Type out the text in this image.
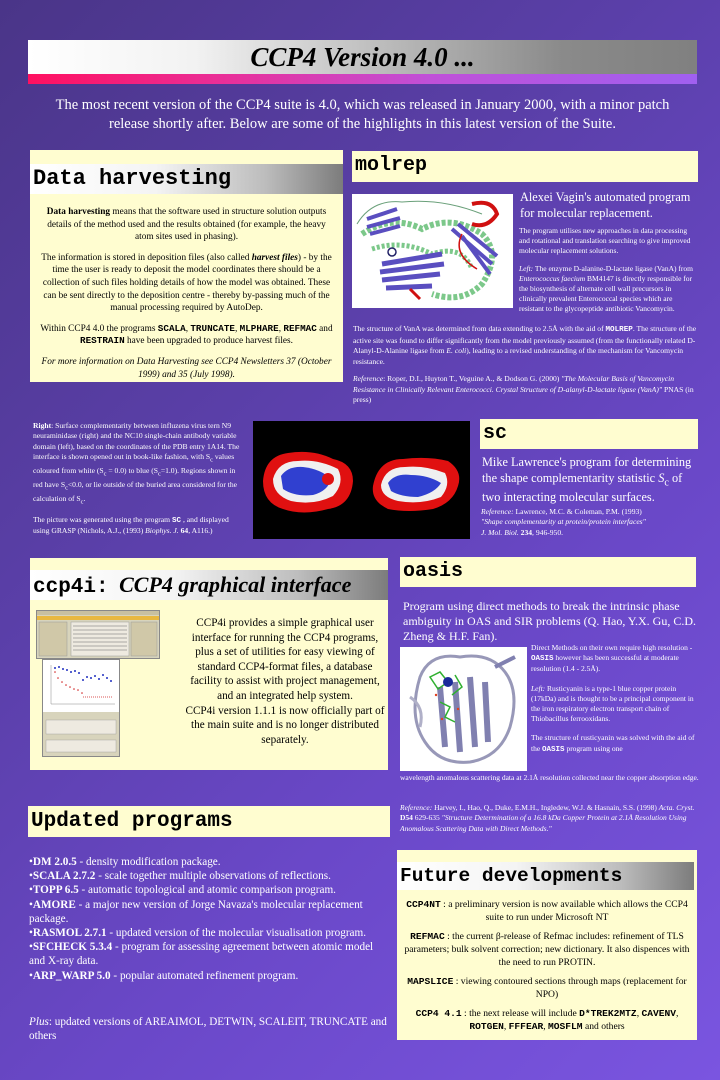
CCP4 Version 4.0 ...
The most recent version of the CCP4 suite is 4.0, which was released in January 2000, with a minor patch release shortly after. Below are some of the highlights in this latest version of the Suite.
Data harvesting

Data harvesting means that the software used in structure solution outputs details of the method used and the results obtained (for example, the heavy atom sites used in phasing).

The information is stored in deposition files (also called harvest files) - by the time the user is ready to deposit the model coordinates there should be a collection of such files holding details of how the model was obtained. These can be sent directly to the deposition centre - thereby by-passing much of the manual processing required by AutoDep.

Within CCP4 4.0 the programs SCALA, TRUNCATE, MLPHARE, REFMAC and RESTRAIN have been upgraded to produce harvest files.

For more information on Data Harvesting see CCP4 Newsletters 37 (October 1999) and 35 (July 1998).

molrep
Alexei Vagin's automated program for molecular replacement.

The program utilises new approaches in data processing and rotational and translation searching to give improved molecular replacement solutions.

Left: The enzyme D-alanine-D-lactate ligase (VanA) from Enterococcus faecium BM4147 is directly responsible for the biosynthesis of alternate cell wall precursors in clinically prevalent Enterococcal species which are resistant to the glycopeptide antibiotic Vancomycin.

The structure of VanA was determined from data extending to 2.5Å with the aid of MOLREP. The structure of the active site was found to differ significantly from the model previously assumed (from the functionally related D-Alanyl-D-Alanine ligase from E. coli), leading to a revised understanding of the mechanism for Vancomycin resistance.

Reference: Roper, D.I., Huyton T., Veguine A., & Dodson G. (2000) "The Molecular Basis of Vancomycin Resistance in Clinically Relevant Enterococci. Crystal Structure of D-alanyl-D-lactate ligase (VanA)" PNAS (in press)

Right: Surface complementarity between influzena virus tern N9 neuraminidase (right) and the NC10 single-chain antibody variable domain (left), based on the coordinates of the PDB entry 1A14. The interface is shown opened out in book-like fashion, with $S_c$ values coloured from white $(S_c = 0.0)$ to blue $(S_c=1.0)$. Regions shown in red have $S_c<0.0$, or lie outside of the buried area considered for the calculation of $S_c$.

The picture was generated using the program SC , and displayed using GRASP (Nichols, A.J., (1993) Biophys. J. 64, A116.)

sc
Mike Lawrence's program for determining the shape complementarity statistic $S_c$ of two interacting molecular surfaces.
Reference: Lawrence, M.C. & Coleman, P.M. (1993)
"Shape complementarity at protein/protein interfaces"
J. Mol. Biol. 234, 946-950.
ccp4i: CCP4 graphical interface
CCP4i provides a simple graphical user interface for running the CCP4 programs, plus a set of utilities for easy viewing of standard CCP4-format files, a database facility to assist with project management, and an integrated help system.
CCP4i version 1.1.1 is now officially part of the main suite and is no longer distributed separately.
oasis
Program using direct methods to break the intrinsic phase ambiguity in OAS and SIR problems (Q. Hao, Y.X. Gu, C.D. Zheng & H.F. Fan).

Direct Methods on their own require high resolution - OASIS however has been successful at moderate resolution (1.4 - 2.5Å).

Left: Rusticyanin is a type-1 blue copper protein (17kDa) and is thought to be a principal component in the iron respiratory electron transport chain of Thiobacillus ferrooxidans.

The structure of rusticyanin was solved with the aid of the OASIS program using one

wavelength anomalous scattering data at 2.1Å resolution collected near the copper absorption edge.
Reference: Harvey, I., Hao, Q., Duke, E.M.H., Ingledew, W.J. & Hasnain, S.S. (1998) Acta. Cryst. D54 629-635 "Structure Determination of a 16.8 kDa Copper Protein at 2.1Å Resolution Using Anomalous Scattering Data with Direct Methods."
Updated programs
•DM 2.0.5 - density modification package.
•SCALA 2.7.2 - scale together multiple observations of reflections.
•TOPP 6.5 - automatic topological and atomic comparison program.
•AMORE - a major new version of Jorge Navaza's molecular replacement package.
•RASMOL 2.7.1 - updated version of the molecular visualisation program.
•SFCHECK 5.3.4 - program for assessing agreement between atomic model and X-ray data.
•ARP_WARP 5.0 - popular automated refinement program.
Plus: updated versions of AREAIMOL, DETWIN, SCALEIT, TRUNCATE and others
Future developments

CCP4NT : a preliminary version is now available which allows the CCP4 suite to run under Microsoft NT

REFMAC : the current β-release of Refmac includes: refinement of TLS parameters; bulk solvent correction; new dictionary. It also dispences with the need to run PROTIN.

MAPSLICE : viewing contoured sections through maps (replacement for NPO)

CCP4 4.1 : the next release will include D*TREK2MTZ, CAVENV, ROTGEN, FFFEAR, MOSFLM and others
